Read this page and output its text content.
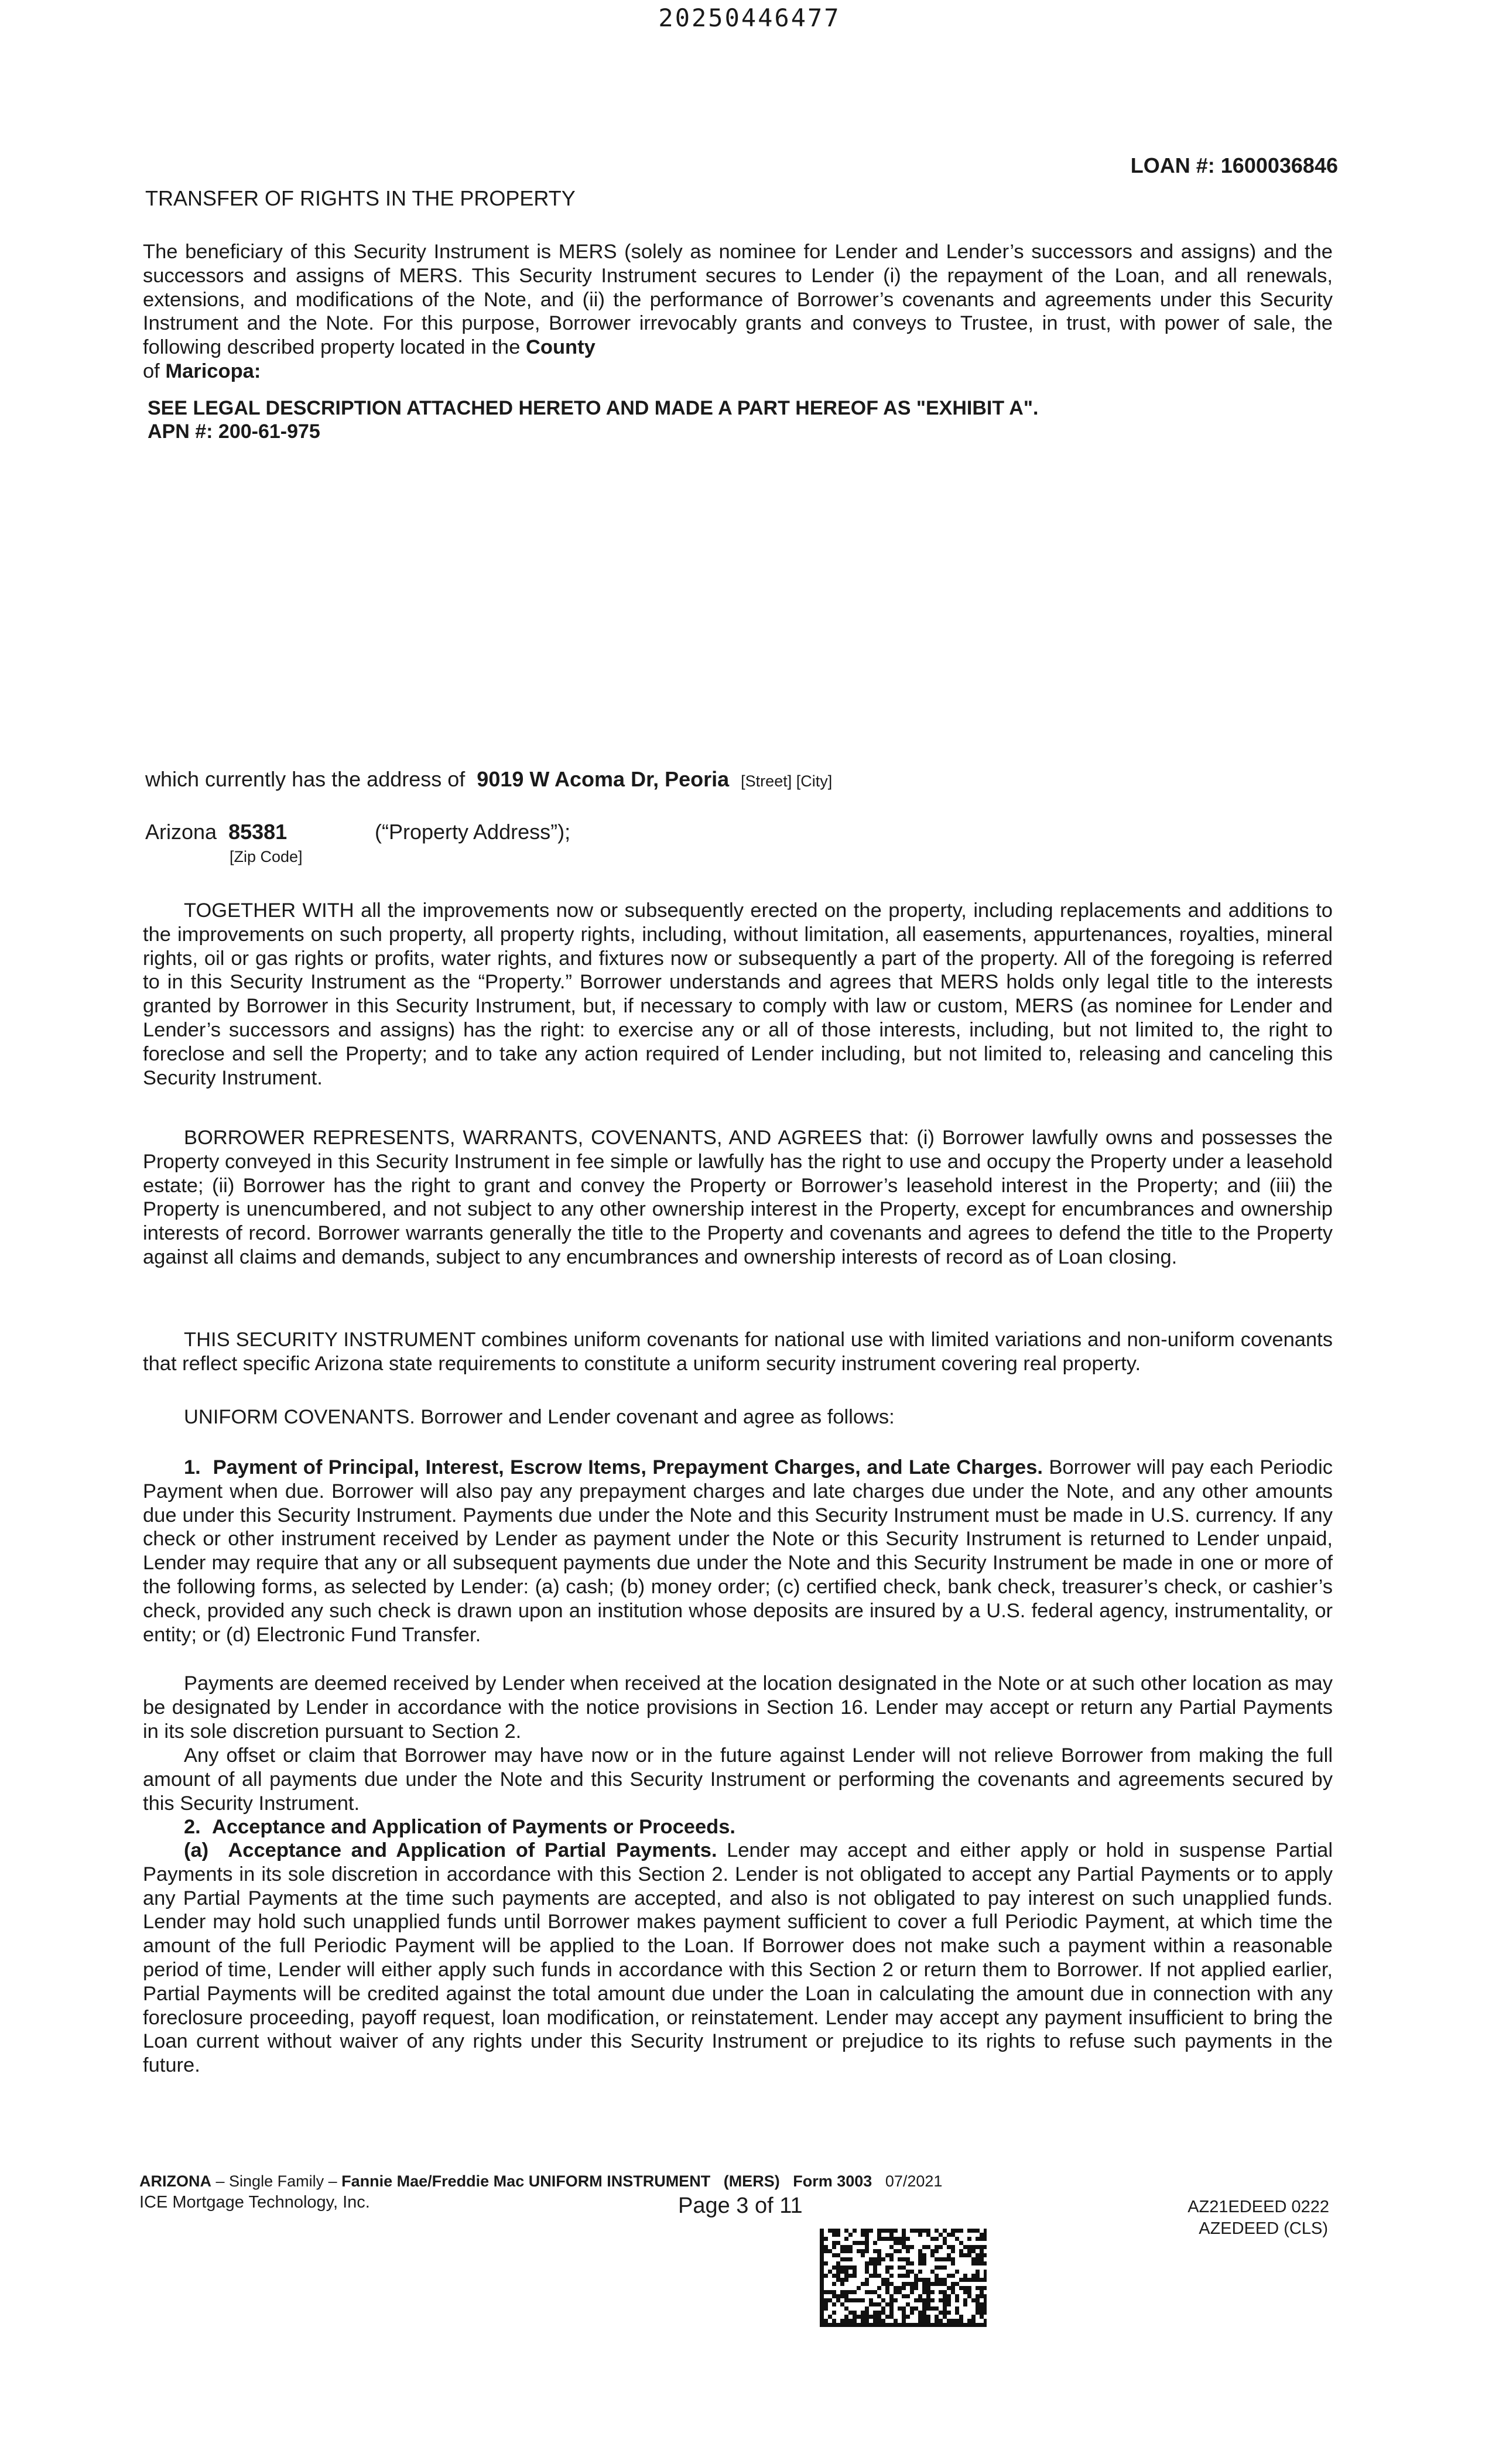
20250446477
LOAN #: 1600036846
TRANSFER OF RIGHTS IN THE PROPERTY

The beneficiary of this Security Instrument is MERS (solely as nominee for Lender and Lender’s successors and assigns) and the successors and assigns of MERS. This Security Instrument secures to Lender (i) the repayment of the Loan, and all renewals, extensions, and modifications of the Note, and (ii) the performance of Borrower’s covenants and agreements under this Security Instrument and the Note. For this purpose, Borrower irrevocably grants and conveys to Trustee, in trust, with power of sale, the following described property located in the County
of Maricopa:

SEE LEGAL DESCRIPTION ATTACHED HERETO AND MADE A PART HEREOF AS "EXHIBIT A".
APN #: 200-61-975
which currently has the address of 9019 W Acoma Dr, Peoria [Street] [City]
Arizona 85381
[Zip Code]
(“Property Address”);

TOGETHER WITH all the improvements now or subsequently erected on the property, including replacements and additions to the improvements on such property, all property rights, including, without limitation, all easements, appurtenances, royalties, mineral rights, oil or gas rights or profits, water rights, and fixtures now or subsequently a part of the property. All of the foregoing is referred to in this Security Instrument as the “Property.” Borrower understands and agrees that MERS holds only legal title to the interests granted by Borrower in this Security Instrument, but, if necessary to comply with law or custom, MERS (as nominee for Lender and Lender’s successors and assigns) has the right: to exercise any or all of those interests, including, but not limited to, the right to foreclose and sell the Property; and to take any action required of Lender including, but not limited to, releasing and canceling this Security Instrument.

BORROWER REPRESENTS, WARRANTS, COVENANTS, AND AGREES that: (i) Borrower lawfully owns and possesses the Property conveyed in this Security Instrument in fee simple or lawfully has the right to use and occupy the Property under a leasehold estate; (ii) Borrower has the right to grant and convey the Property or Borrower’s leasehold interest in the Property; and (iii) the Property is unencumbered, and not subject to any other ownership interest in the Property, except for encumbrances and ownership interests of record. Borrower warrants generally the title to the Property and covenants and agrees to defend the title to the Property against all claims and demands, subject to any encumbrances and ownership interests of record as of Loan closing.

THIS SECURITY INSTRUMENT combines uniform covenants for national use with limited variations and non-uniform covenants that reflect specific Arizona state requirements to constitute a uniform security instrument covering real property.

UNIFORM COVENANTS. Borrower and Lender covenant and agree as follows:

1. Payment of Principal, Interest, Escrow Items, Prepayment Charges, and Late Charges. Borrower will pay each Periodic Payment when due. Borrower will also pay any prepayment charges and late charges due under the Note, and any other amounts due under this Security Instrument. Payments due under the Note and this Security Instrument must be made in U.S. currency. If any check or other instrument received by Lender as payment under the Note or this Security Instrument is returned to Lender unpaid, Lender may require that any or all subsequent payments due under the Note and this Security Instrument be made in one or more of the following forms, as selected by Lender: (a) cash; (b) money order; (c) certified check, bank check, treasurer’s check, or cashier’s check, provided any such check is drawn upon an institution whose deposits are insured by a U.S. federal agency, instrumentality, or entity; or (d) Electronic Fund Transfer.

Payments are deemed received by Lender when received at the location designated in the Note or at such other location as may be designated by Lender in accordance with the notice provisions in Section 16. Lender may accept or return any Partial Payments in its sole discretion pursuant to Section 2.

Any offset or claim that Borrower may have now or in the future against Lender will not relieve Borrower from making the full amount of all payments due under the Note and this Security Instrument or performing the covenants and agreements secured by this Security Instrument.

2. Acceptance and Application of Payments or Proceeds.

(a) Acceptance and Application of Partial Payments. Lender may accept and either apply or hold in suspense Partial Payments in its sole discretion in accordance with this Section 2. Lender is not obligated to accept any Partial Payments or to apply any Partial Payments at the time such payments are accepted, and also is not obligated to pay interest on such unapplied funds. Lender may hold such unapplied funds until Borrower makes payment sufficient to cover a full Periodic Payment, at which time the amount of the full Periodic Payment will be applied to the Loan. If Borrower does not make such a payment within a reasonable period of time, Lender will either apply such funds in accordance with this Section 2 or return them to Borrower. If not applied earlier, Partial Payments will be credited against the total amount due under the Loan in calculating the amount due in connection with any foreclosure proceeding, payoff request, loan modification, or reinstatement. Lender may accept any payment insufficient to bring the Loan current without waiver of any rights under this Security Instrument or prejudice to its rights to refuse such payments in the future.

ARIZONA – Single Family – Fannie Mae/Freddie Mac UNIFORM INSTRUMENT (MERS) Form 3003 07/2021
ICE Mortgage Technology, Inc.	Page 3 of 11	AZ21EDEED 0222
AZEDEED (CLS)
